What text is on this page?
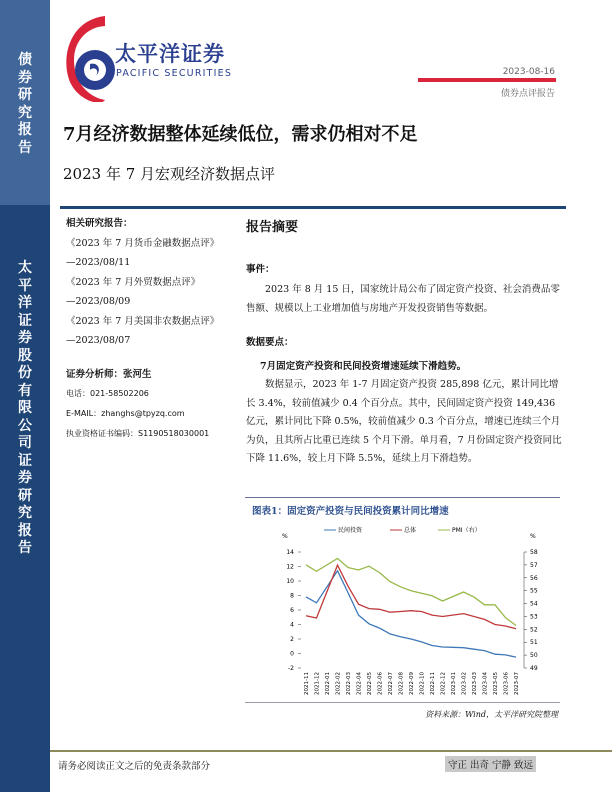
债券研究报告
太平洋证券股份有限公司证券研究报告
太平洋证券
PACIFIC SECURITIES	2023-08-16
债券点评报告
7月经济数据整体延续低位，需求仍相对不足
2023 年 7 月宏观经济数据点评
相关研究报告：
《2023 年 7 月货币金融数据点评》
—2023/08/11
《2023 年 7 月外贸数据点评》
—2023/08/09
《2023 年 7 月美国非农数据点评》
—2023/08/07
证券分析师：张河生
电话：021-58502206
E-MAIL：zhanghs@tpyzq.com
执业资格证书编码：S1190518030001
报告摘要
事件：
2023 年 8 月 15 日，国家统计局公布了固定资产投资、社会消费品零售额、规模以上工业增加值与房地产开发投资销售等数据。
数据要点：
7月固定资产投资和民间投资增速延续下滑趋势。
数据显示，2023 年 1-7 月固定资产投资 285,898 亿元，累计同比增长 3.4%，较前值减少 0.4 个百分点。其中，民间固定资产投资 149,436 亿元，累计同比下降 0.5%，较前值减少 0.3 个百分点，增速已连续三个月为负，且其所占比重已连续 5 个月下滑。单月看，7 月份固定资产投资同比下降 11.6%，较上月下降 5.5%，延续上月下滑趋势。
图表1：固定资产投资与民间投资累计同比增速
%	%
14
12
10
8
6
4
2
0
-2
58
57
56
55
54
53
52
51
50
49
2021-11 2021-12 2022-01 2022-02 2022-03 2022-04 2022-05 2022-06 2022-07 2022-08 2022-09 2022-10 2022-11 2022-12 2023-01 2023-02 2023-03 2023-04 2023-05 2023-06 2023-07
民间投资	总体	PMI（右）
资料来源：Wind，太平洋研究院整理
请务必阅读正文之后的免责条款部分	守正 出奇 宁静 致远
